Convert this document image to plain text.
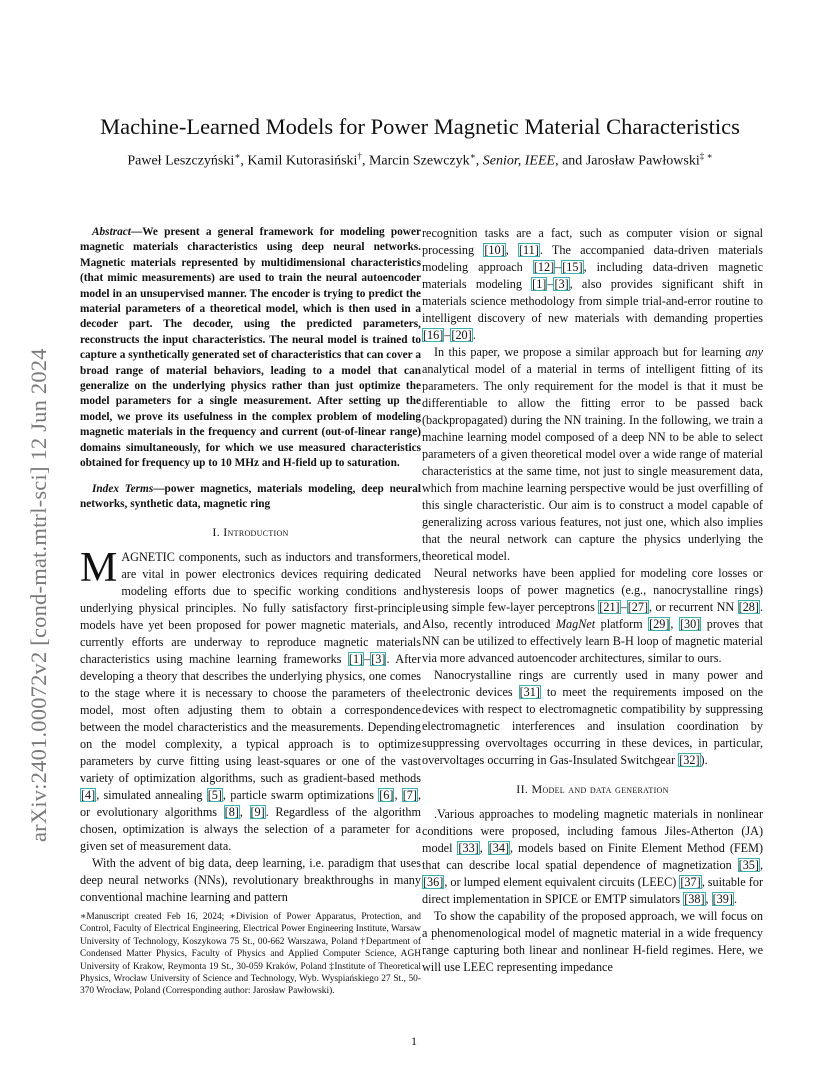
arXiv:2401.00072v2 [cond-mat.mtrl-sci] 12 Jun 2024
Machine-Learned Models for Power Magnetic Material Characteristics
Paweł Leszczyński∗, Kamil Kutorasiński†, Marcin Szewczyk∗, Senior, IEEE, and Jarosław Pawłowski‡ ∗

Abstract—We present a general framework for modeling power magnetic materials characteristics using deep neural networks. Magnetic materials represented by multidimensional characteristics (that mimic measurements) are used to train the neural autoencoder model in an unsupervised manner. The encoder is trying to predict the material parameters of a theoretical model, which is then used in a decoder part. The decoder, using the predicted parameters, reconstructs the input characteristics. The neural model is trained to capture a synthetically generated set of characteristics that can cover a broad range of material behaviors, leading to a model that can generalize on the underlying physics rather than just optimize the model parameters for a single measurement. After setting up the model, we prove its usefulness in the complex problem of modeling magnetic materials in the frequency and current (out-of-linear range) domains simultaneously, for which we use measured characteristics obtained for frequency up to 10 MHz and H-field up to saturation.

Index Terms—power magnetics, materials modeling, deep neural networks, synthetic data, magnetic ring

I. Introduction

MAGNETIC components, such as inductors and transformers, are vital in power electronics devices requiring dedicated modeling efforts due to specific working conditions and underlying physical principles. No fully satisfactory first-principle models have yet been proposed for power magnetic materials, and currently efforts are underway to reproduce magnetic materials characteristics using machine learning frameworks [1]–[3]. After developing a theory that describes the underlying physics, one comes to the stage where it is necessary to choose the parameters of the model, most often adjusting them to obtain a correspondence between the model characteristics and the measurements. Depending on the model complexity, a typical approach is to optimize parameters by curve fitting using least-squares or one of the vast variety of optimization algorithms, such as gradient-based methods [4], simulated annealing [5], particle swarm optimizations [6], [7], or evolutionary algorithms [8], [9]. Regardless of the algorithm chosen, optimization is always the selection of a parameter for a given set of measurement data.

With the advent of big data, deep learning, i.e. paradigm that uses deep neural networks (NNs), revolutionary breakthroughs in many conventional machine learning and pattern

∗Manuscript created Feb 16, 2024; ∗Division of Power Apparatus, Protection, and Control, Faculty of Electrical Engineering, Electrical Power Engineering Institute, Warsaw University of Technology, Koszykowa 75 St., 00-662 Warszawa, Poland †Department of Condensed Matter Physics, Faculty of Physics and Applied Computer Science, AGH University of Krakow, Reymonta 19 St., 30-059 Kraków, Poland ‡Institute of Theoretical Physics, Wrocław University of Science and Technology, Wyb. Wyspiańskiego 27 St., 50-370 Wrocław, Poland (Corresponding author: Jarosław Pawłowski).

recognition tasks are a fact, such as computer vision or signal processing [10], [11]. The accompanied data-driven materials modeling approach [12]–[15], including data-driven magnetic materials modeling [1]–[3], also provides significant shift in materials science methodology from simple trial-and-error routine to intelligent discovery of new materials with demanding properties [16]–[20].

In this paper, we propose a similar approach but for learning any analytical model of a material in terms of intelligent fitting of its parameters. The only requirement for the model is that it must be differentiable to allow the fitting error to be passed back (backpropagated) during the NN training. In the following, we train a machine learning model composed of a deep NN to be able to select parameters of a given theoretical model over a wide range of material characteristics at the same time, not just to single measurement data, which from machine learning perspective would be just overfilling of this single characteristic. Our aim is to construct a model capable of generalizing across various features, not just one, which also implies that the neural network can capture the physics underlying the theoretical model.

Neural networks have been applied for modeling core losses or hysteresis loops of power magnetics (e.g., nanocrystalline rings) using simple few-layer perceptrons [21]–[27], or recurrent NN [28]. Also, recently introduced MagNet platform [29], [30] proves that NN can be utilized to effectively learn B-H loop of magnetic material via more advanced autoencoder architectures, similar to ours.

Nanocrystalline rings are currently used in many power and electronic devices [31] to meet the requirements imposed on the devices with respect to electromagnetic compatibility by suppressing electromagnetic interferences and insulation coordination by suppressing overvoltages occurring in these devices, in particular, overvoltages occurring in Gas-Insulated Switchgear [32]).

II. Model and data generation

.Various approaches to modeling magnetic materials in nonlinear conditions were proposed, including famous Jiles-Atherton (JA) model [33], [34], models based on Finite Element Method (FEM) that can describe local spatial dependence of magnetization [35], [36], or lumped element equivalent circuits (LEEC) [37], suitable for direct implementation in SPICE or EMTP simulators [38], [39].

To show the capability of the proposed approach, we will focus on a phenomenological model of magnetic material in a wide frequency range capturing both linear and nonlinear H-field regimes. Here, we will use LEEC representing impedance

1
